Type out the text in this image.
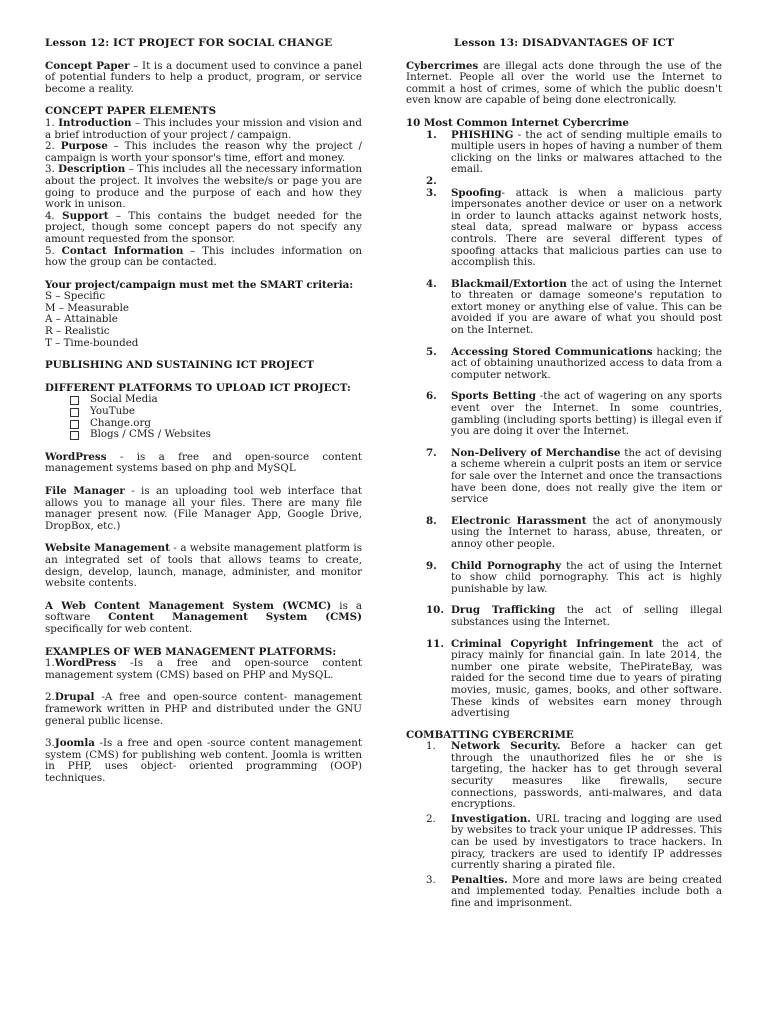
Lesson 12: ICT PROJECT FOR SOCIAL CHANGE

Concept Paper – It is a document used to convince a panel of potential funders to help a product, program, or service become a reality.

CONCEPT PAPER ELEMENTS

1. Introduction – This includes your mission and vision and a brief introduction of your project / campaign.

2. Purpose – This includes the reason why the project / campaign is worth your sponsor's time, effort and money.

3. Description – This includes all the necessary information about the project. It involves the website/s or page you are going to produce and the purpose of each and how they work in unison.

4. Support – This contains the budget needed for the project, though some concept papers do not specify any amount requested from the sponsor.

5. Contact Information – This includes information on how the group can be contacted.

Your project/campaign must met the SMART criteria:
S – Specific
M – Measurable
A – Attainable
R – Realistic
T – Time-bounded
PUBLISHING AND SUSTAINING ICT PROJECT
DIFFERENT PLATFORMS TO UPLOAD ICT PROJECT:
Social Media
YouTube
Change.org
Blogs / CMS / Websites

WordPress - is a free and open-source content management systems based on php and MySQL

File Manager - is an uploading tool web interface that allows you to manage all your files. There are many file manager present now. (File Manager App, Google Drive, DropBox, etc.)

Website Management - a website management platform is an integrated set of tools that allows teams to create, design, develop, launch, manage, administer, and monitor website contents.

A Web Content Management System (WCMC) is a software Content Management System (CMS) specifically for web content.

EXAMPLES OF WEB MANAGEMENT PLATFORMS:

1.WordPress -Is a free and open-source content management system (CMS) based on PHP and MySQL.

2.Drupal -A free and open-source content- management framework written in PHP and distributed under the GNU general public license.

3.Joomla -Is a free and open -source content management system (CMS) for publishing web content. Joomla is written in PHP, uses object- oriented programming (OOP) techniques.

Lesson 13: DISADVANTAGES OF ICT

Cybercrimes are illegal acts done through the use of the Internet. People all over the world use the Internet to commit a host of crimes, some of which the public doesn't even know are capable of being done electronically.

10 Most Common Internet Cybercrime
1. PHISHING - the act of sending multiple emails to multiple users in hopes of having a number of them clicking on the links or malwares attached to the email.
2.
3. Spoofing- attack is when a malicious party impersonates another device or user on a network in order to launch attacks against network hosts, steal data, spread malware or bypass access controls. There are several different types of spoofing attacks that malicious parties can use to accomplish this.
4. Blackmail/Extortion the act of using the Internet to threaten or damage someone's reputation to extort money or anything else of value. This can be avoided if you are aware of what you should post on the Internet.
5. Accessing Stored Communications hacking; the act of obtaining unauthorized access to data from a computer network.
6. Sports Betting -the act of wagering on any sports event over the Internet. In some countries, gambling (including sports betting) is illegal even if you are doing it over the Internet.
7. Non-Delivery of Merchandise the act of devising a scheme wherein a culprit posts an item or service for sale over the Internet and once the transactions have been done, does not really give the item or service
8. Electronic Harassment the act of anonymously using the Internet to harass, abuse, threaten, or annoy other people.
9. Child Pornography the act of using the Internet to show child pornography. This act is highly punishable by law.
10. Drug Trafficking the act of selling illegal substances using the Internet.
11. Criminal Copyright Infringement the act of piracy mainly for financial gain. In late 2014, the number one pirate website, ThePirateBay, was raided for the second time due to years of pirating movies, music, games, books, and other software. These kinds of websites earn money through advertising
COMBATTING CYBERCRIME
1. Network Security. Before a hacker can get through the unauthorized files he or she is targeting, the hacker has to get through several security measures like firewalls, secure connections, passwords, anti-malwares, and data encryptions.
2. Investigation. URL tracing and logging are used by websites to track your unique IP addresses. This can be used by investigators to trace hackers. In piracy, trackers are used to identify IP addresses currently sharing a pirated file.
3. Penalties. More and more laws are being created and implemented today. Penalties include both a fine and imprisonment.
